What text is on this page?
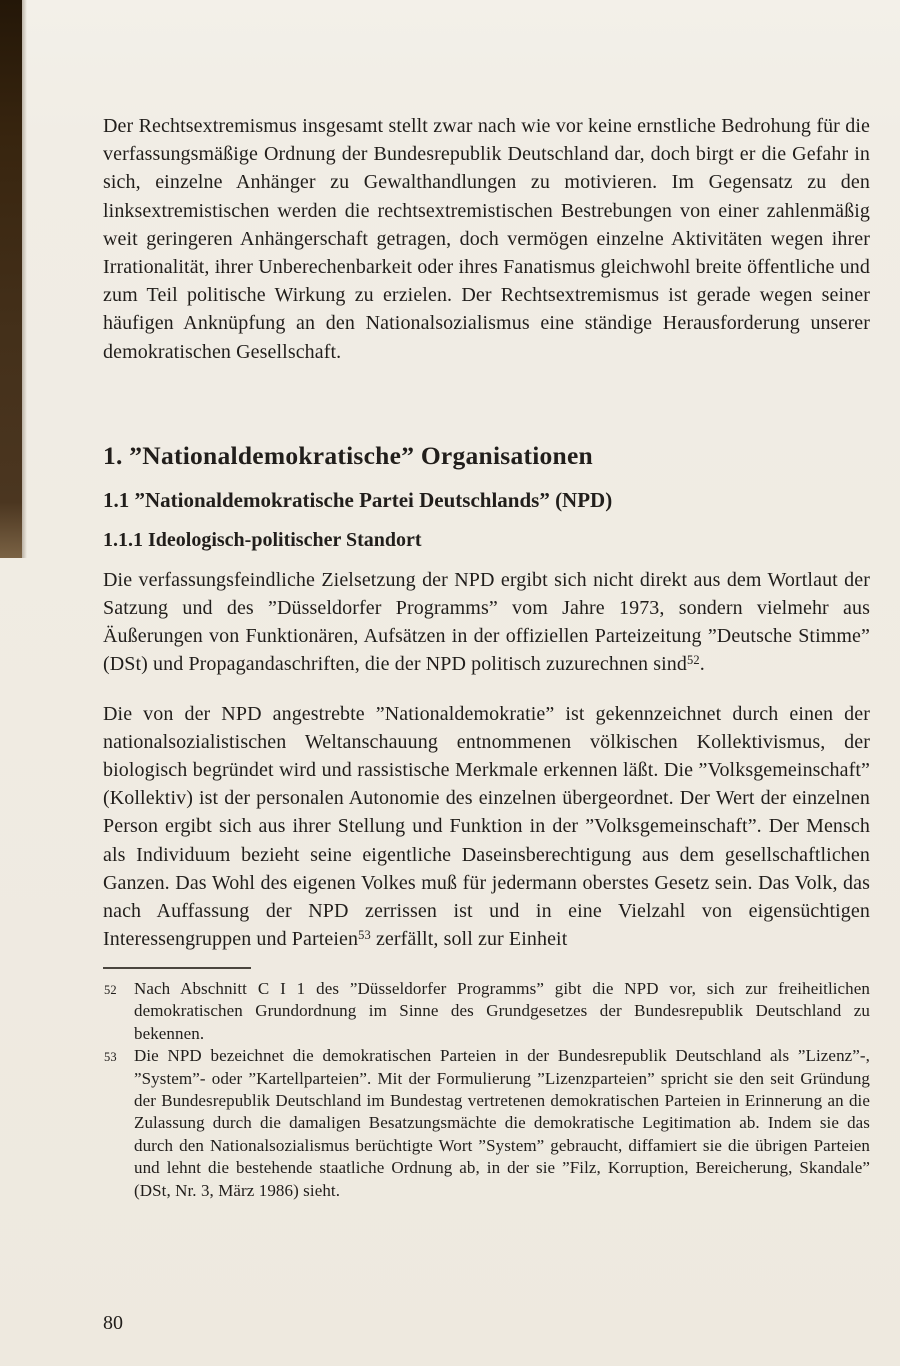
Der Rechtsextremismus insgesamt stellt zwar nach wie vor keine ernstliche Bedrohung für die verfassungsmäßige Ordnung der Bundesrepublik Deutschland dar, doch birgt er die Gefahr in sich, einzelne Anhänger zu Gewalthandlungen zu motivieren. Im Gegensatz zu den linksextremistischen werden die rechtsextremistischen Bestrebungen von einer zahlenmäßig weit geringeren Anhängerschaft getragen, doch vermögen einzelne Aktivitäten wegen ihrer Irrationalität, ihrer Unberechenbarkeit oder ihres Fanatismus gleichwohl breite öffentliche und zum Teil politische Wirkung zu erzielen. Der Rechtsextremismus ist gerade wegen seiner häufigen Anknüpfung an den Nationalsozialismus eine ständige Herausforderung unserer demokratischen Gesellschaft.

1. ”Nationaldemokratische” Organisationen
1.1 ”Nationaldemokratische Partei Deutschlands” (NPD)
1.1.1 Ideologisch-politischer Standort

Die verfassungsfeindliche Zielsetzung der NPD ergibt sich nicht direkt aus dem Wortlaut der Satzung und des ”Düsseldorfer Programms” vom Jahre 1973, sondern vielmehr aus Äußerungen von Funktionären, Aufsätzen in der offiziellen Parteizeitung ”Deutsche Stimme” (DSt) und Propagandaschriften, die der NPD politisch zuzurechnen sind$^{52}$.

Die von der NPD angestrebte ”Nationaldemokratie” ist gekennzeichnet durch einen der nationalsozialistischen Weltanschauung entnommenen völkischen Kollektivismus, der biologisch begründet wird und rassistische Merkmale erkennen läßt. Die ”Volksgemeinschaft” (Kollektiv) ist der personalen Autonomie des einzelnen übergeordnet. Der Wert der einzelnen Person ergibt sich aus ihrer Stellung und Funktion in der ”Volksgemeinschaft”. Der Mensch als Individuum bezieht seine eigentliche Daseinsberechtigung aus dem gesellschaftlichen Ganzen. Das Wohl des eigenen Volkes muß für jedermann oberstes Gesetz sein. Das Volk, das nach Auffassung der NPD zerrissen ist und in eine Vielzahl von eigensüchtigen Interessengruppen und Parteien$^{53}$ zerfällt, soll zur Einheit

52 Nach Abschnitt C I 1 des ”Düsseldorfer Programms” gibt die NPD vor, sich zur freiheitlichen demokratischen Grundordnung im Sinne des Grundgesetzes der Bundesrepublik Deutschland zu bekennen.
53 Die NPD bezeichnet die demokratischen Parteien in der Bundesrepublik Deutschland als ”Lizenz”-, ”System”- oder ”Kartellparteien”. Mit der Formulierung ”Lizenzparteien” spricht sie den seit Gründung der Bundesrepublik Deutschland im Bundestag vertretenen demokratischen Parteien in Erinnerung an die Zulassung durch die damaligen Besatzungsmächte die demokratische Legitimation ab. Indem sie das durch den Nationalsozialismus berüchtigte Wort ”System” gebraucht, diffamiert sie die übrigen Parteien und lehnt die bestehende staatliche Ordnung ab, in der sie ”Filz, Korruption, Bereicherung, Skandale” (DSt, Nr. 3, März 1986) sieht.
80
